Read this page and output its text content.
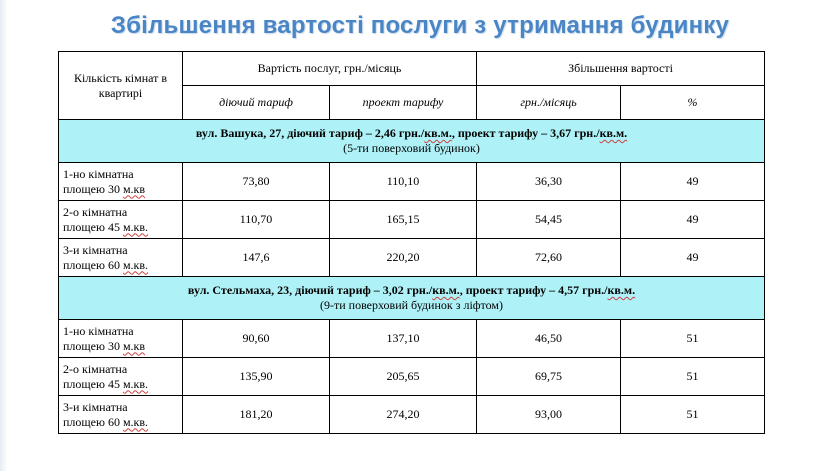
Збільшення вартості послуги з утримання будинку
Кількість кімнат в квартирі	Вартість послуг, грн./місяць		Збільшення вартості	
	діючий тариф	проект тарифу	грн./місяць	%

вул. Вашука, 27, діючий тариф – 2,46 грн./кв.м., проект тарифу – 3,67 грн./кв.м.
(5-ти поверховий будинок)				

1-но кімнатна
площею 30 м.кв	73,80	110,10	36,30	49
2-о кімнатна
площею 45 м.кв.	110,70	165,15	54,45	49
3-и кімнатна
площею 60 м.кв.	147,6	220,20	72,60	49

вул. Стельмаха, 23, діючий тариф – 3,02 грн./кв.м., проект тарифу – 4,57 грн./кв.м.
(9-ти поверховий будинок з ліфтом)				

1-но кімнатна
площею 30 м.кв	90,60	137,10	46,50	51
2-о кімнатна
площею 45 м.кв.	135,90	205,65	69,75	51
3-и кімнатна
площею 60 м.кв.	181,20	274,20	93,00	51
